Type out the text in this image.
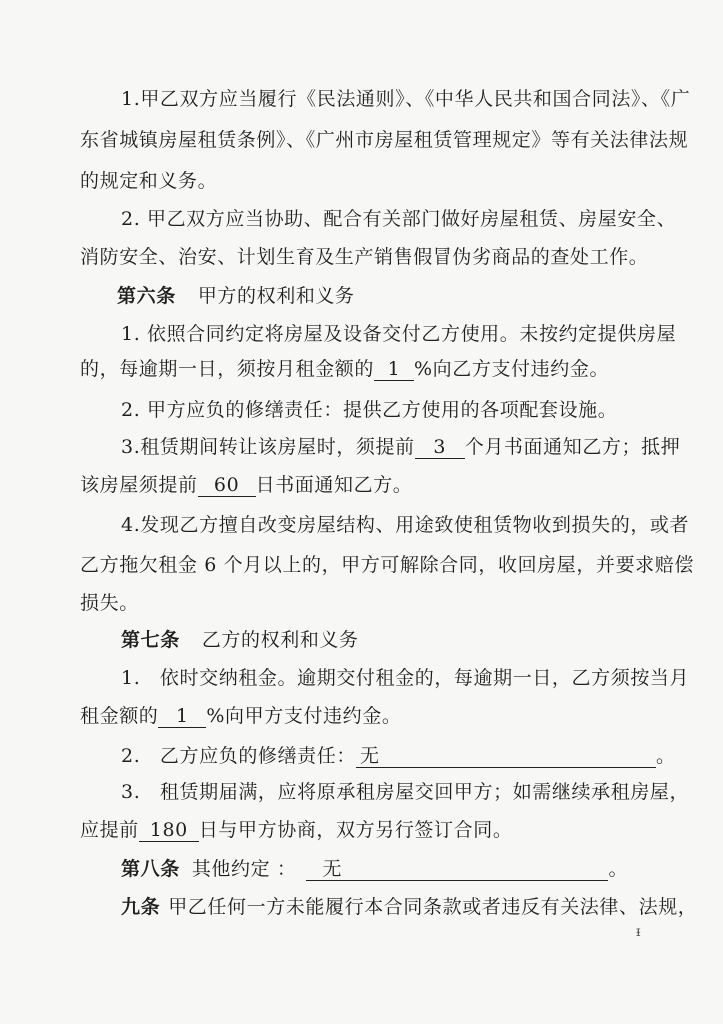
1.甲乙双方应当履行《民法通则》、《中华人民共和国合同法》、《广
东省城镇房屋租赁条例》、《广州市房屋租赁管理规定》等有关法律法规
的规定和义务。
2. 甲乙双方应当协助、配合有关部门做好房屋租赁、房屋安全、
消防安全、治安、计划生育及生产销售假冒伪劣商品的查处工作。
第六条 甲方的权利和义务
1. 依照合同约定将房屋及设备交付乙方使用。未按约定提供房屋
的，每逾期一日，须按月租金额的 1 %向乙方支付违约金。
2. 甲方应负的修缮责任：提供乙方使用的各项配套设施。
3.租赁期间转让该房屋时，须提前 3 个月书面通知乙方；抵押
该房屋须提前 60 日书面通知乙方。
4.发现乙方擅自改变房屋结构、用途致使租赁物收到损失的，或者
乙方拖欠租金 6 个月以上的，甲方可解除合同，收回房屋，并要求赔偿
损失。
第七条 乙方的权利和义务
1.　依时交纳租金。逾期交付租金的，每逾期一日，乙方须按当月
租金额的 1 %向甲方支付违约金。
2.　乙方应负的修缮责任： 无	。
3.　租赁期届满，应将原承租房屋交回甲方；如需继续承租房屋，
应提前 180 日与甲方协商，双方另行签订合同。
第八条 其他约定 ： 无	。
九条 甲乙任何一方未能履行本合同条款或者违反有关法律、法规，
ᵻ
